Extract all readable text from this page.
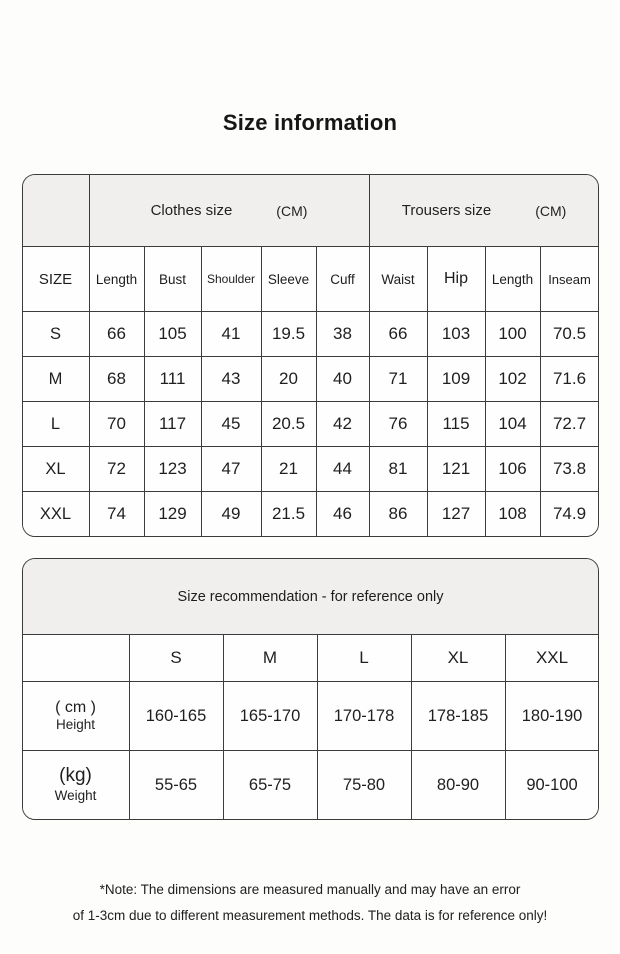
Size information

	Clothes size (CM)					Trousers size (CM)			

SIZE	Length	Bust	Shoulder	Sleeve	Cuff	Waist	Hip	Length	Inseam
S	66	105	41	19.5	38	66	103	100	70.5
M	68	111	43	20	40	71	109	102	71.6
L	70	117	45	20.5	42	76	115	104	72.7
XL	72	123	47	21	44	81	121	106	73.8
XXL	74	129	49	21.5	46	86	127	108	74.9
Size recommendation - for reference only					
	S	M	L	XL	XXL

( cm )
Height	160-165	165-170	170-178	178-185	180-190

(kg)
Weight	55-65	65-75	75-80	80-90	90-100
*Note: The dimensions are measured manually and may have an error
of 1-3cm due to different measurement methods. The data is for reference only!
